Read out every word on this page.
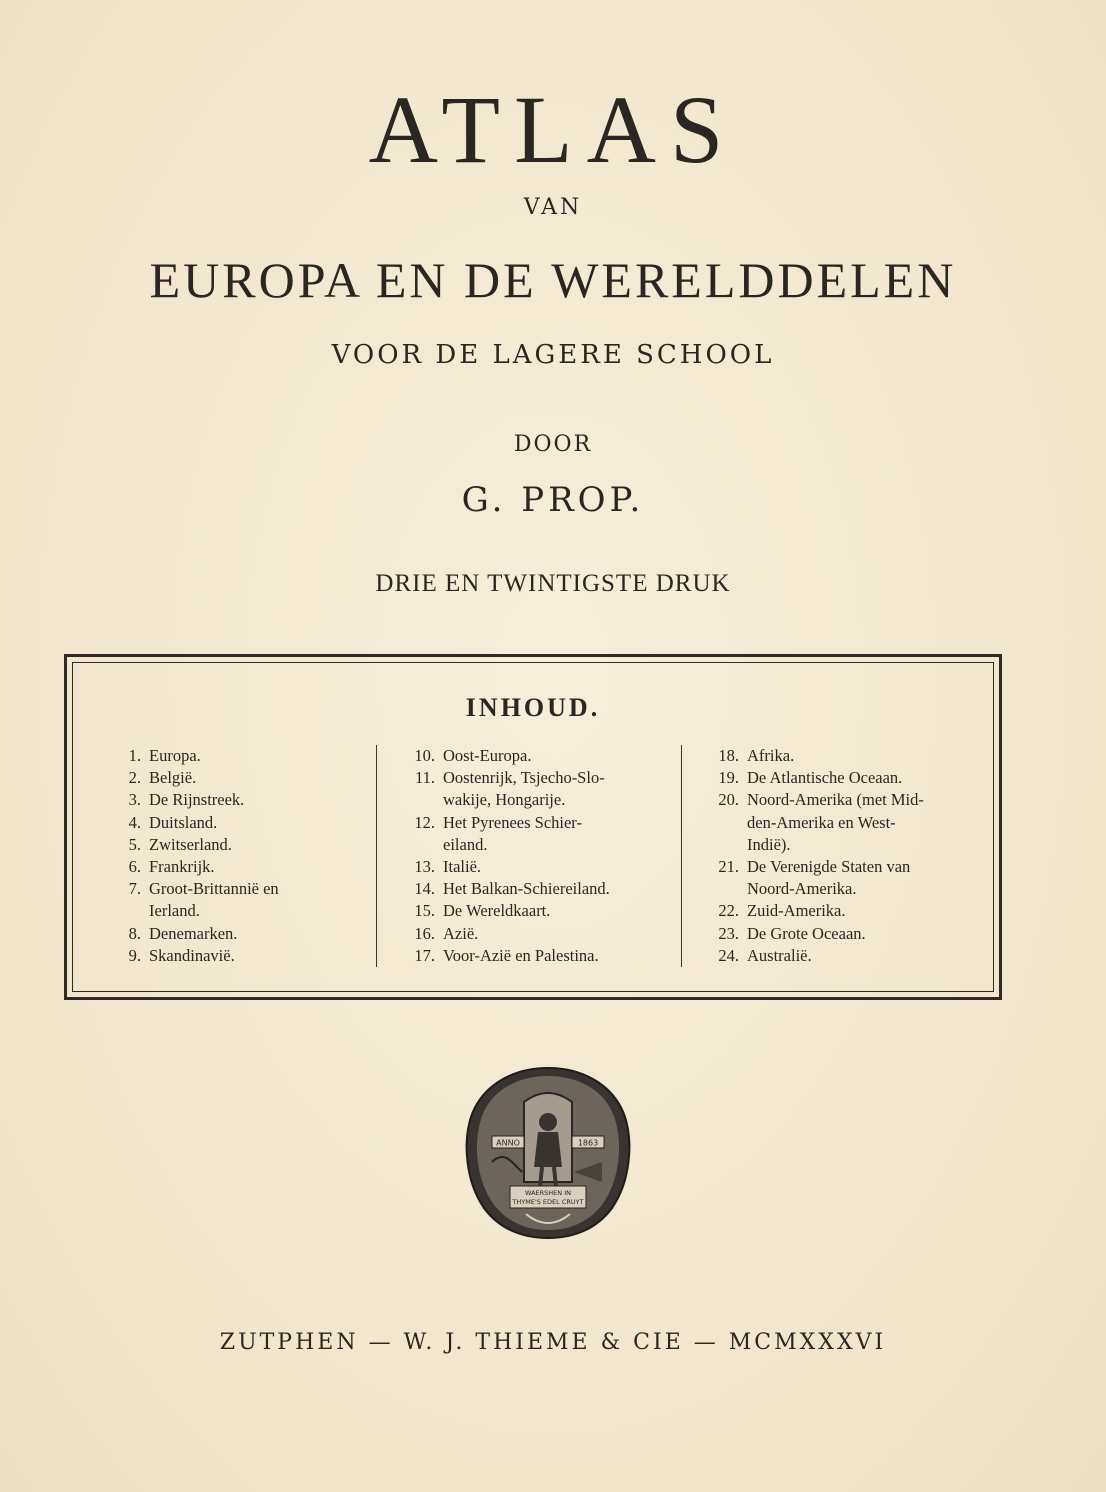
ATLAS
VAN
EUROPA EN DE WERELDDELEN
VOOR DE LAGERE SCHOOL
DOOR
G. PROP.
DRIE EN TWINTIGSTE DRUK
INHOUD.
1. Europa.
2. België.
3. De Rijnstreek.
4. Duitsland.
5. Zwitserland.
6. Frankrijk.
7. Groot-Brittannië en
Ierland.
8. Denemarken.
9. Skandinavië.
10. Oost-Europa.
11. Oostenrijk, Tsjecho-Slo-
wakije, Hongarije.
12. Het Pyrenees Schier-
eiland.
13. Italië.
14. Het Balkan-Schiereiland.
15. De Wereldkaart.
16. Azië.
17. Voor-Azië en Palestina.
18. Afrika.
19. De Atlantische Oceaan.
20. Noord-Amerika (met Mid-
den-Amerika en West-
Indië).
21. De Verenigde Staten van
Noord-Amerika.
22. Zuid-Amerika.
23. De Grote Oceaan.
24. Australië.
ANNO	1863
WAERSHEN IN
THYME'S EDEL CRUYT
ZUTPHEN — W. J. THIEME & CIE — MCMXXXVI
